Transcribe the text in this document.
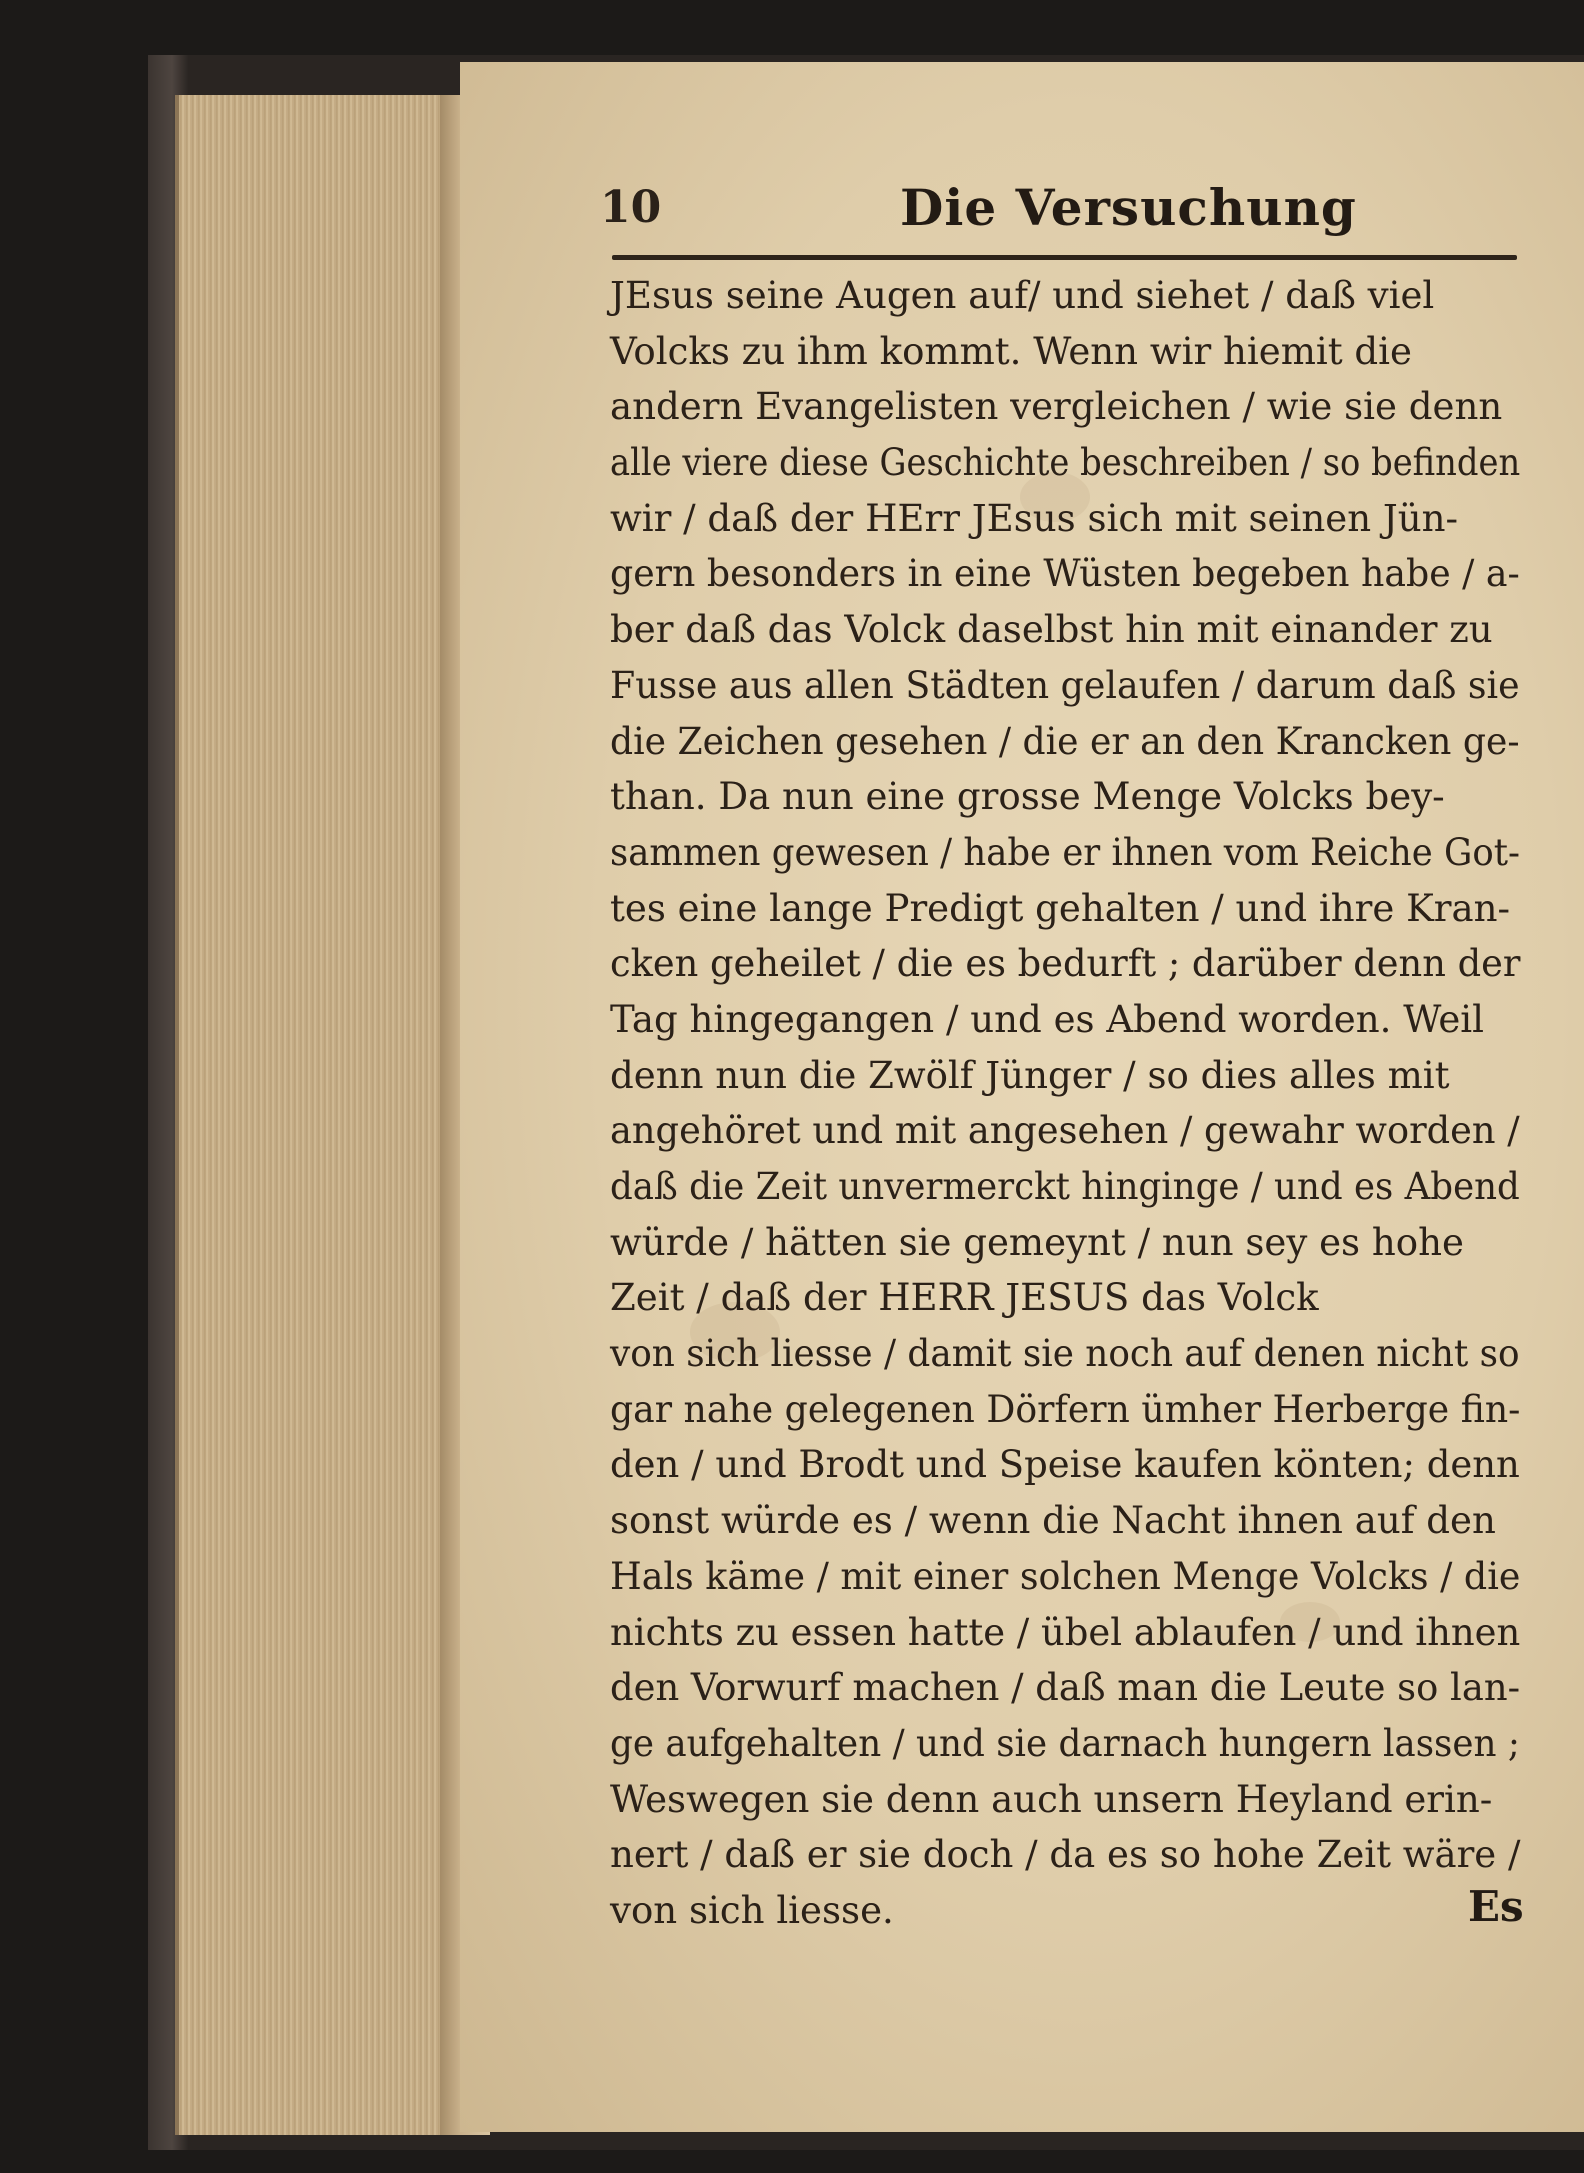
10	Die Versuchung
JEsus seine Augen auf/ und siehet / daß viel
Volcks zu ihm kommt. Wenn wir hiemit die
andern Evangelisten vergleichen / wie sie denn
alle viere diese Geschichte beschreiben / so befinden
wir / daß der HErr JEsus sich mit seinen Jün-
gern besonders in eine Wüsten begeben habe / a-
ber daß das Volck daselbst hin mit einander zu
Fusse aus allen Städten gelaufen / darum daß sie
die Zeichen gesehen / die er an den Krancken ge-
than. Da nun eine grosse Menge Volcks bey-
sammen gewesen / habe er ihnen vom Reiche Got-
tes eine lange Predigt gehalten / und ihre Kran-
cken geheilet / die es bedurft ; darüber denn der
Tag hingegangen / und es Abend worden. Weil
denn nun die Zwölf Jünger / so dies alles mit
angehöret und mit angesehen / gewahr worden /
daß die Zeit unvermerckt hinginge / und es Abend
würde / hätten sie gemeynt / nun sey es hohe
Zeit / daß der HERR JESUS das Volck
von sich liesse / damit sie noch auf denen nicht so
gar nahe gelegenen Dörfern ümher Herberge fin-
den / und Brodt und Speise kaufen könten; denn
sonst würde es / wenn die Nacht ihnen auf den
Hals käme / mit einer solchen Menge Volcks / die
nichts zu essen hatte / übel ablaufen / und ihnen
den Vorwurf machen / daß man die Leute so lan-
ge aufgehalten / und sie darnach hungern lassen ;
Weswegen sie denn auch unsern Heyland erin-
nert / daß er sie doch / da es so hohe Zeit wäre /
von sich liesse.	Es
